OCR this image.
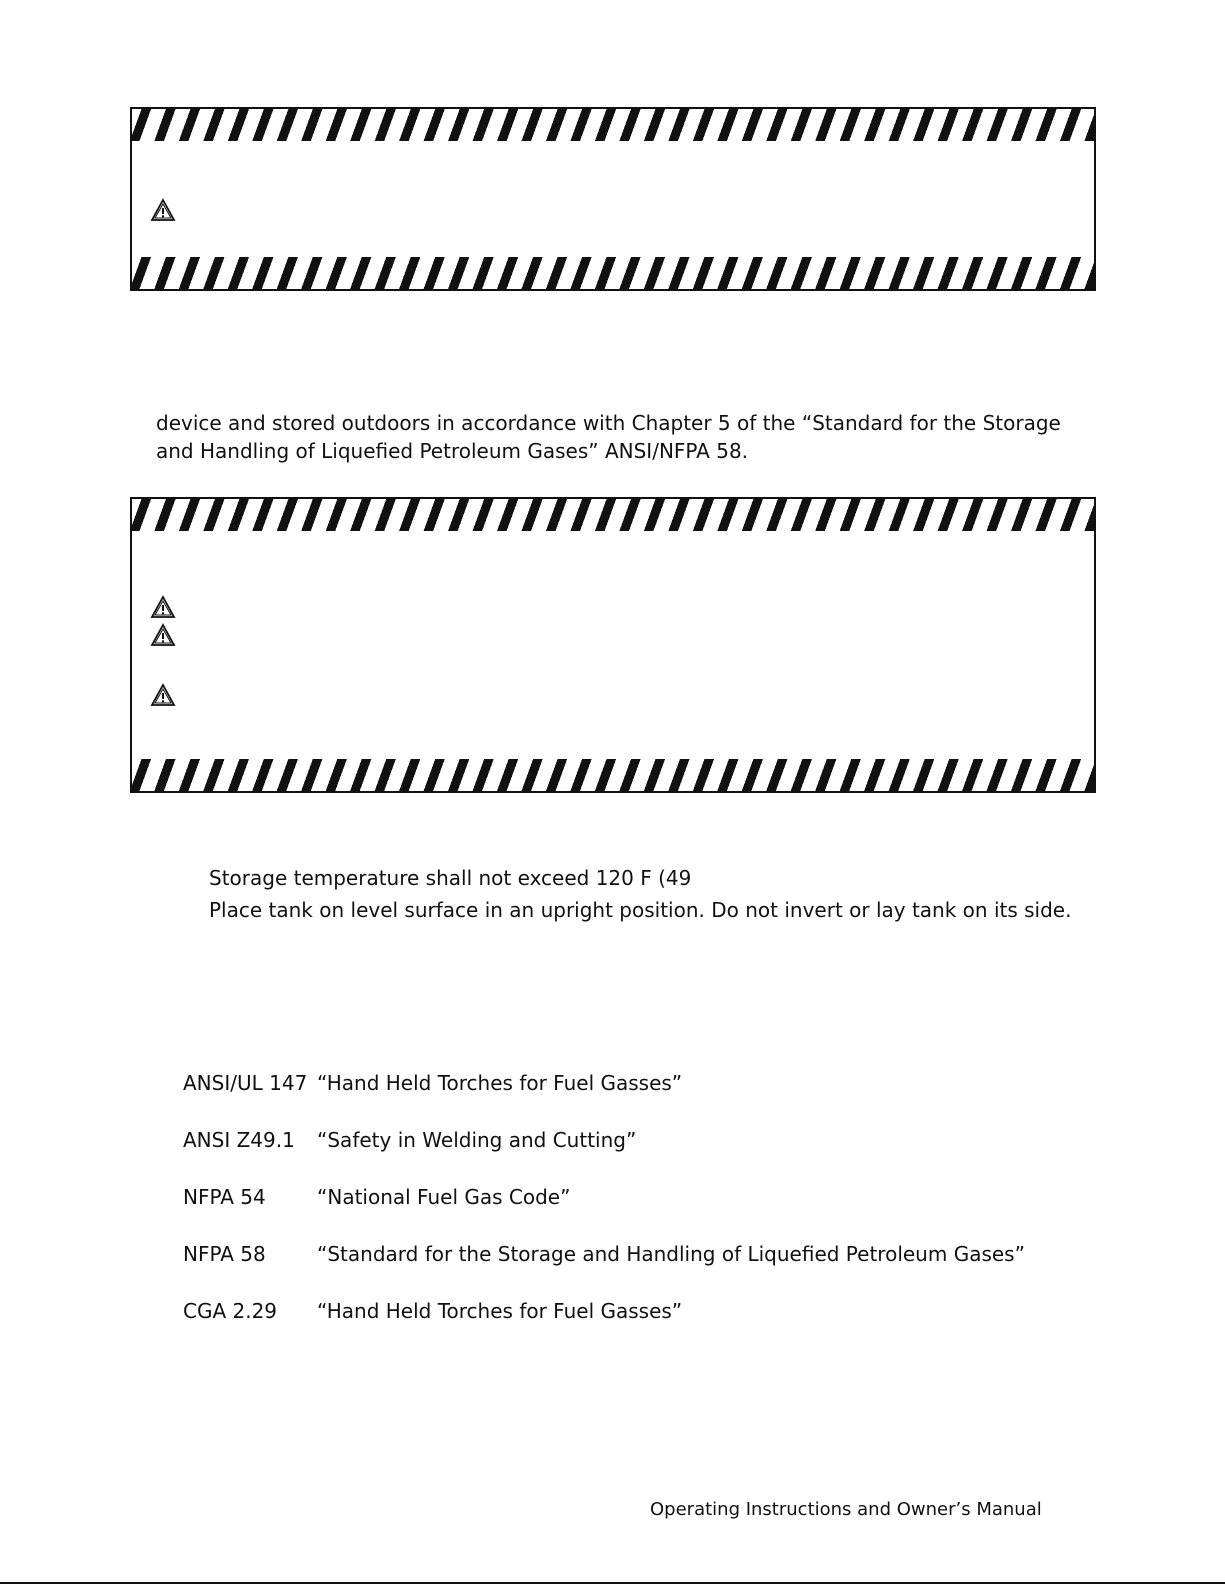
device and stored outdoors in accordance with Chapter 5 of the “Standard for the Storage
and Handling of Liquefied Petroleum Gases” ANSI/NFPA 58.

Storage temperature shall not exceed 120 F (49
Place tank on level surface in an upright position. Do not invert or lay tank on its side.

ANSI/UL 147 “Hand Held Torches for Fuel Gasses”
ANSI Z49.1	“Safety in Welding and Cutting”
NFPA 54	“National Fuel Gas Code”
NFPA 58	“Standard for the Storage and Handling of Liquefied Petroleum Gases”
CGA 2.29	“Hand Held Torches for Fuel Gasses”
Operating Instructions and Owner’s Manual
